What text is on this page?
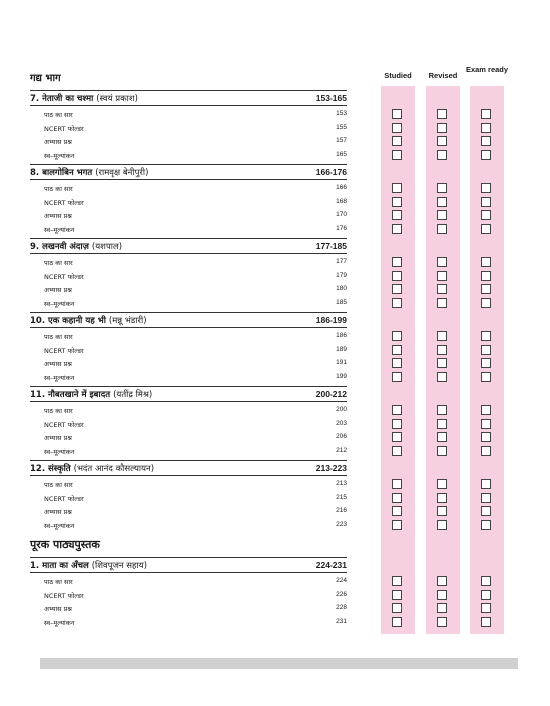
Studied	Revised
Exam ready
गद्य भाग
7. नेताजी का चश्मा (स्वयं प्रकाश)	153-165
पाठ का सार	153
NCERT फोल्डर	155
अभ्यास प्रश्न	157
स्व–मूल्यांकन	165
8. बालगोबिन भगत (रामवृक्ष बेनीपुरी)	166-176
पाठ का सार	166
NCERT फोल्डर	168
अभ्यास प्रश्न	170
स्व–मूल्यांकन	176
9. लखनवी अंदाज़ (यशपाल)	177-185
पाठ का सार	177
NCERT फोल्डर	179
अभ्यास प्रश्न	180
स्व–मूल्यांकन	185
10. एक कहानी यह भी (मन्नू भंडारी)	186-199
पाठ का सार	186
NCERT फोल्डर	189
अभ्यास प्रश्न	191
स्व–मूल्यांकन	199
11. नौबतखाने में इबादत (यतींद्र मिश्र)	200-212
पाठ का सार	200
NCERT फोल्डर	203
अभ्यास प्रश्न	206
स्व–मूल्यांकन	212
12. संस्कृति (भदंत आनंद कौसल्यायन)	213-223
पाठ का सार	213
NCERT फोल्डर	215
अभ्यास प्रश्न	216
स्व–मूल्यांकन	223
पूरक पाठ्यपुस्तक
1. माता का अँचल (शिवपूजन सहाय)	224-231
पाठ का सार	224
NCERT फोल्डर	226
अभ्यास प्रश्न	228
स्व–मूल्यांकन	231
